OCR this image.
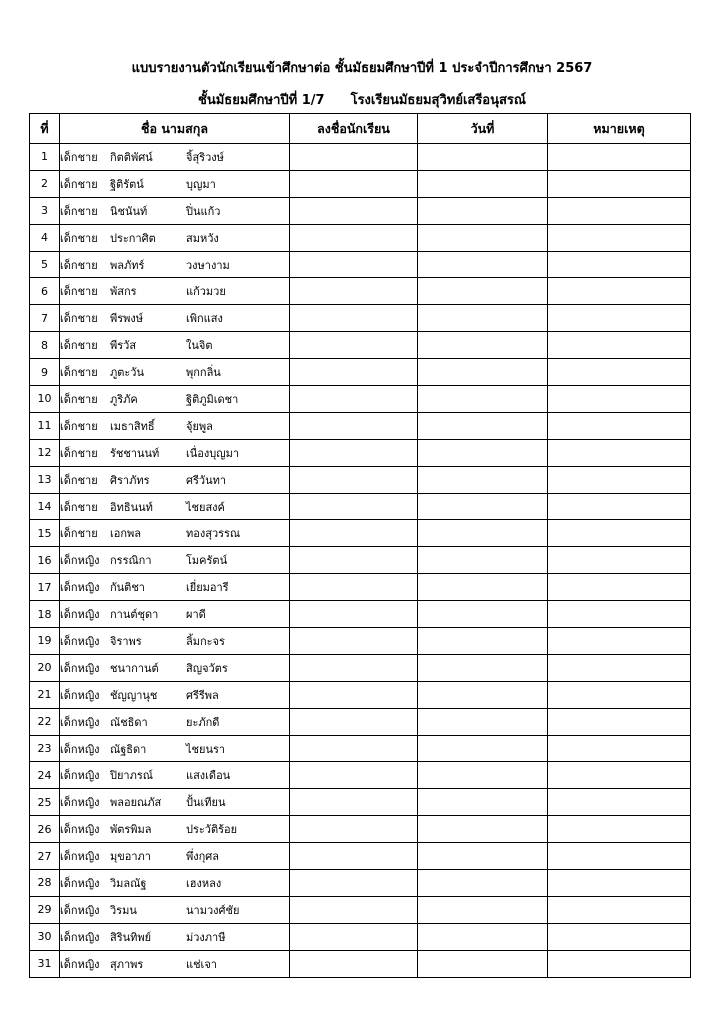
แบบรายงานตัวนักเรียนเข้าศึกษาต่อ ชั้นมัธยมศึกษาปีที่ 1 ประจำปีการศึกษา 2567
ชั้นมัธยมศึกษาปีที่ 1/7 โรงเรียนมัธยมสุวิทย์เสรีอนุสรณ์
ที่	ชื่อ นามสกุล	ลงชื่อนักเรียน	วันที่	หมายเหตุ
1	เด็กชาย กิตติพัศน์ จิ้สุริวงษ์			
2	เด็กชาย ฐิติรัตน์ บุญมา			
3	เด็กชาย นิชนันท์ ปิ่นแก้ว			
4	เด็กชาย ประกาศิต สมหวัง			
5	เด็กชาย พลภัทร์ วงษางาม			
6	เด็กชาย พัสกร แก้วมวย			
7	เด็กชาย พีรพงษ์ เพิกแสง			
8	เด็กชาย พีรวัส ในจิต			
9	เด็กชาย ภูตะวัน พุกกลิ่น			
10	เด็กชาย ภูริภัค ฐิติภูมิเดชา			
11	เด็กชาย เมธาสิทธิ์ จุ้ยพูล			
12	เด็กชาย รัชชานนท์ เนื่องบุญมา			
13	เด็กชาย ศิราภัทร ศรีวันทา			
14	เด็กชาย อิทธินนท์ ไชยสงค์			
15	เด็กชาย เอกพล ทองสุวรรณ			
16	เด็กหญิง กรรณิกา โมครัตน์			
17	เด็กหญิง กันติชา เยี่ยมอารี			
18	เด็กหญิง กานต์ชุดา ผาดี			
19	เด็กหญิง จิราพร ลิ้มกะจร			
20	เด็กหญิง ชนากานต์ สิญจวัตร			
21	เด็กหญิง ชัญญานุช ศรีรีพล			
22	เด็กหญิง ณัชธิดา ยะภักดี			
23	เด็กหญิง ณัฐธิดา ไชยนรา			
24	เด็กหญิง ปิยาภรณ์ แสงเดือน			
25	เด็กหญิง พลอยณภัส ปั้นเทียน			
26	เด็กหญิง พัตรพิมล ประวัติร้อย			
27	เด็กหญิง มุขอาภา พึ่งกุศล			
28	เด็กหญิง วิมลณัฐ เฮงหลง			
29	เด็กหญิง วิรมน นามวงศ์ชัย			
30	เด็กหญิง สิรินทิพย์ ม่วงภาษี			
31	เด็กหญิง สุภาพร แช่เจา			
